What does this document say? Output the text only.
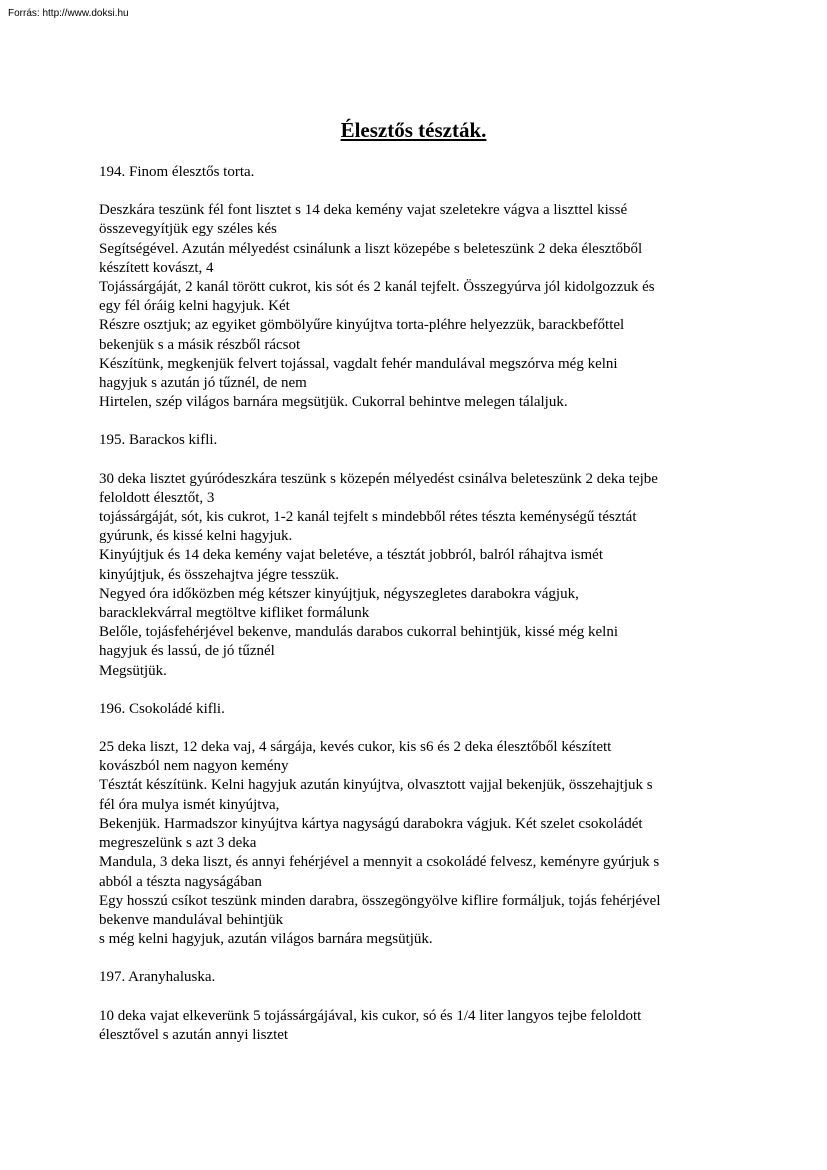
Forrás: http://www.doksi.hu
Élesztős tészták.
194. Finom élesztős torta.
Deszkára teszünk fél font lisztet s 14 deka kemény vajat szeletekre vágva a liszttel kissé
összevegyítjük egy széles kés
Segítségével. Azután mélyedést csinálunk a liszt közepébe s beleteszünk 2 deka élesztőből
készített kovászt, 4
Tojássárgáját, 2 kanál törött cukrot, kis sót és 2 kanál tejfelt. Összegyúrva jól kidolgozzuk és
egy fél óráig kelni hagyjuk. Két
Részre osztjuk; az egyiket gömbölyűre kinyújtva torta-pléhre helyezzük, barackbefőttel
bekenjük s a másik részből rácsot
Készítünk, megkenjük felvert tojással, vagdalt fehér mandulával megszórva még kelni
hagyjuk s azután jó tűznél, de nem
Hirtelen, szép világos barnára megsütjük. Cukorral behintve melegen tálaljuk.
195. Barackos kifli.
30 deka lisztet gyúródeszkára teszünk s közepén mélyedést csinálva beleteszünk 2 deka tejbe
feloldott élesztőt, 3
tojássárgáját, sót, kis cukrot, 1-2 kanál tejfelt s mindebből rétes tészta keménységű tésztát
gyúrunk, és kissé kelni hagyjuk.
Kinyújtjuk és 14 deka kemény vajat beletéve, a tésztát jobbról, balról ráhajtva ismét
kinyújtjuk, és összehajtva jégre tesszük.
Negyed óra időközben még kétszer kinyújtjuk, négyszegletes darabokra vágjuk,
baracklekvárral megtöltve kifliket formálunk
Belőle, tojásfehérjével bekenve, mandulás darabos cukorral behintjük, kissé még kelni
hagyjuk és lassú, de jó tűznél
Megsütjük.
196. Csokoládé kifli.
25 deka liszt, 12 deka vaj, 4 sárgája, kevés cukor, kis s6 és 2 deka élesztőből készített
kovászból nem nagyon kemény
Tésztát készítünk. Kelni hagyjuk azután kinyújtva, olvasztott vajjal bekenjük, összehajtjuk s
fél óra mulya ismét kinyújtva,
Bekenjük. Harmadszor kinyújtva kártya nagyságú darabokra vágjuk. Két szelet csokoládét
megreszelünk s azt 3 deka
Mandula, 3 deka liszt, és annyi fehérjével a mennyit a csokoládé felvesz, keményre gyúrjuk s
abból a tészta nagyságában
Egy hosszú csíkot teszünk minden darabra, összegöngyölve kiflire formáljuk, tojás fehérjével
bekenve mandulával behintjük
s még kelni hagyjuk, azután világos barnára megsütjük.
197. Aranyhaluska.
10 deka vajat elkeverünk 5 tojássárgájával, kis cukor, só és 1/4 liter langyos tejbe feloldott
élesztővel s azután annyi lisztet
